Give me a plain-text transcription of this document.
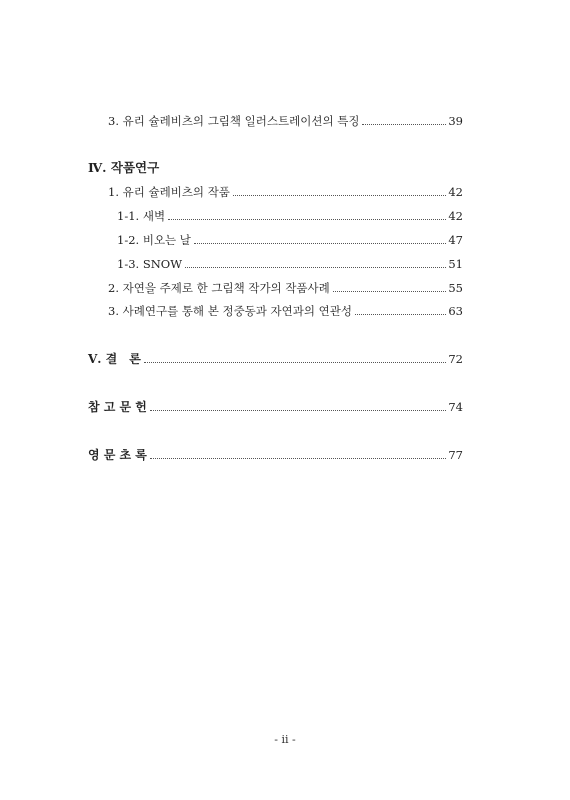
3. 유리 슐레비츠의 그림책 일러스트레이션의 특징	39
Ⅳ. 작품연구
1. 유리 슐레비츠의 작품	42
1-1. 새벽	42
1-2. 비오는 날	47
1-3. SNOW	51
2. 자연을 주제로 한 그림책 작가의 작품사례	55
3. 사례연구를 통해 본 정중동과 자연과의 연관성	63
Ⅴ. 결　론	72
참 고 문 헌	74
영 문 초 록	77
- ii -
